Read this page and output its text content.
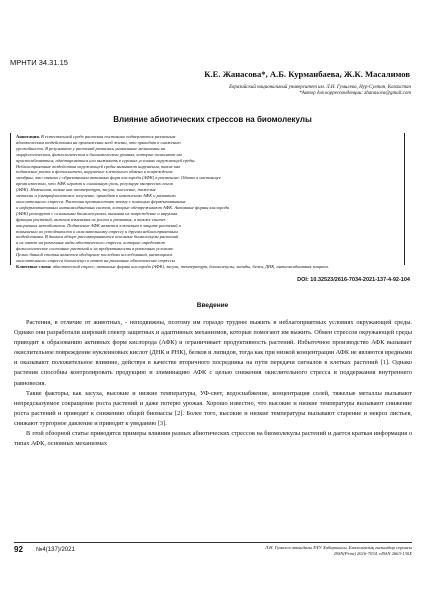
МРНТИ 34.31.15
К.Е. Жанасова*, А.Б. Курманбаева, Ж.К. Масалимов
Евразийский национальный университет им. Л.Н. Гумилева, Нур-Султан, Казахстан
*Автор для корреспонденции: zhanasova@gmail.com
Влияние абиотических стрессов на биомолекулы
Аннотация. В естественной среде растения постоянно подвергаются различным
абиотическим воздействиям на протяжении всей жизни, что приводит к снижению
урожайности. В результате у растений развились уникальные механизмы на
морфологическом, физиологическом и биохимическом уровнях, которые позволяют им
приспосабливаться, адаптироваться или выживать в суровых условиях окружающей среды.
Неблагоприятные воздействия окружающей среды вызывают нарушения, такие как
подавление роста и фотосинтеза, нарушение клеточного обмена и повреждение
мембран, что связано с образованием активных форм кислорода (АФК) в растениях. Однако в настоящее
время известно, что АФК играют и сигнальную роль, регулируя экспрессию генов
(АФК). Изменения, такие как температура, засуха, засоление, тяжелые
металлы и ультрафиолетовое излучение, приводят к накоплению АФК и развитию
окислительного стресса. Растения противостоят этому с помощью ферментативных
и неферментативных антиоксидантных систем, которые обезвреживают АФК. Активные формы кислорода
(АФК) реагируют с основными биомолекулами, вызывая их повреждение и нарушая
функции растений, включая изменения их роста и развития, а также синтез
вторичных метаболитов. Подавление АФК является ключевым в защите растений и
повышении их устойчивости к окислительному стрессу и другим неблагоприятным
воздействиям. В данном обзоре рассматриваются основные биомолекулы растений
и их ответ на различные виды абиотического стресса, которые определяют
физиологическое состояние растений и их продуктивность в различных условиях.
Целью данной статьи является обобщение последних исследований, касающихся
окислительного стресса биомолекул в ответ на различные абиотические стрессы
Ключевые слова: абиотический стресс, активные формы кислорода (АФК), засуха, температура, биомолекулы, липиды, белки, ДНК, антиоксидантная защита.
DOI: 10.32523/2616-7034-2021-137-4-92-104
Введение

Растения, в отличие от животных, - неподвижны, поэтому им гораздо труднее выжить в неблагоприятных условиях окружающей среды. Однако они разработали широкий спектр защитных и адаптивных механизмов, которые помогают им выжить. Обмен стрессов окружающей среды приводит к образованию активных форм кислорода (АФК) и ограничивает продуктивность растений. Избыточное производство АФК вызывает окислительное повреждение нуклеиновых кислот (ДНК и РНК), белков и липидов, тогда как при низкой концентрации АФК не являются вредными и оказывают положительное влияние, действуя в качестве вторичного посредника на пути передачи сигналов в клетках растений [1]. Однако растения способны контролировать продукцию и элиминацию АФК с целью снижения окислительного стресса и поддержания внутреннего равновесия.

Такие факторы, как засуха, высокие и низкие температуры, УФ-свет, водоснабжение, концентрация солей, тяжелые металлы вызывают непредсказуемое сокращение роста растений и даже потерю урожая. Хорошо известно, что высокие и низкие температуры вызывают снижение роста растений и приводят к снижению общей биомассы [2]. Более того, высокие и низкие температуры вызывают старение и некроз листьев, снижают тургорное давление и приводят к увяданию [3].

В этой обзорной статье приводятся примеры влияния разных абиотических стрессов на биомолекулы растений и дается краткая информация о типах АФК, основных механизмах

92 №4(137)/2021	Л.Н. Гумилев атындағы ЕҰУ Хабаршысы. Биологиялық ғылымдар сериясы
ISSN(Print) 2616-7034. eISSN 2663-130X
